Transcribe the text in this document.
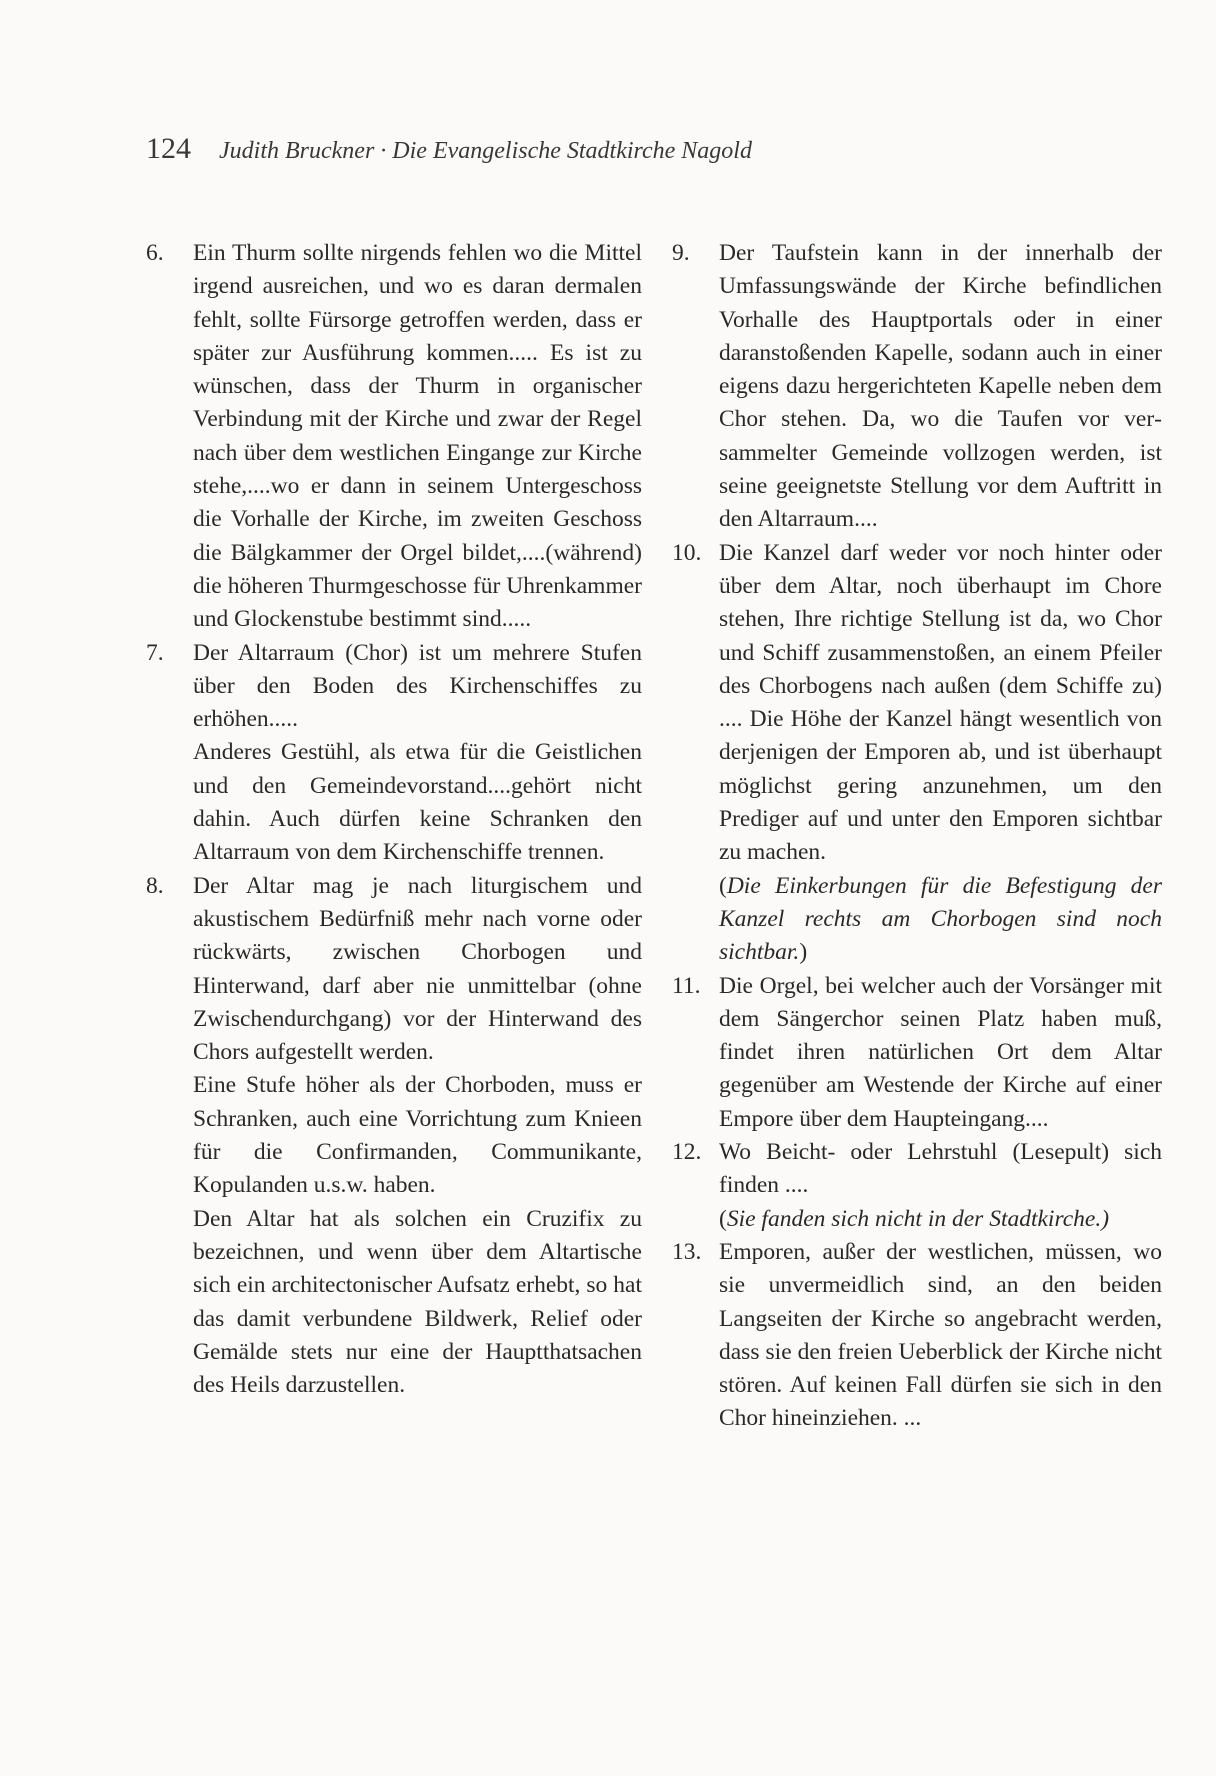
124 Judith Bruckner · Die Evangelische Stadtkirche Nagold
6. Ein Thurm sollte nirgends fehlen wo die Mittel irgend ausreichen, und wo es daran dermalen fehlt, sollte Fürsorge getroffen werden, dass er später zur Ausführung kommen..... Es ist zu wünschen, dass der Thurm in organischer Verbindung mit der Kirche und zwar der Regel nach über dem westlichen Eingange zur Kirche stehe,....wo er dann in seinem Untergeschoss die Vorhalle der Kirche, im zweiten Geschoss die Bälgkammer der Orgel bildet,....(während) die höheren Thurmgeschosse für Uhrenkammer und Glockenstube bestimmt sind.....

7. Der Altarraum (Chor) ist um mehrere Stufen über den Boden des Kirchenschiffes zu erhöhen.....

Anderes Gestühl, als etwa für die Geistlichen und den Gemeindevorstand....gehört nicht dahin. Auch dürfen keine Schranken den Altarraum von dem Kirchenschiffe trennen.

8. Der Altar mag je nach liturgischem und akustischem Bedürfniß mehr nach vorne oder rückwärts, zwischen Chorbogen und Hinterwand, darf aber nie unmittelbar (ohne Zwischendurchgang) vor der Hinterwand des Chors aufgestellt werden.

Eine Stufe höher als der Chorboden, muss er Schranken, auch eine Vorrichtung zum Knieen für die Confirmanden, Communikante, Kopulanden u.s.w. haben.

Den Altar hat als solchen ein Cruzifix zu bezeichnen, und wenn über dem Altartische sich ein architectonischer Aufsatz erhebt, so hat das damit verbundene Bildwerk, Relief oder Gemälde stets nur eine der Hauptthatsachen des Heils darzustellen.

9. Der Taufstein kann in der innerhalb der Umfassungswände der Kirche befindlichen Vorhalle des Hauptportals oder in einer daranstoßenden Kapelle, sodann auch in einer eigens dazu hergerichteten Kapelle neben dem Chor stehen. Da, wo die Taufen vor versammelter Gemeinde vollzogen werden, ist seine geeignetste Stellung vor dem Auftritt in den Altarraum....

10. Die Kanzel darf weder vor noch hinter oder über dem Altar, noch überhaupt im Chore stehen, Ihre richtige Stellung ist da, wo Chor und Schiff zusammenstoßen, an einem Pfeiler des Chorbogens nach außen (dem Schiffe zu) .... Die Höhe der Kanzel hängt wesentlich von derjenigen der Emporen ab, und ist überhaupt möglichst gering anzunehmen, um den Prediger auf und unter den Emporen sichtbar zu machen.

(Die Einkerbungen für die Befestigung der Kanzel rechts am Chorbogen sind noch sichtbar.)

11. Die Orgel, bei welcher auch der Vorsänger mit dem Sängerchor seinen Platz haben muß, findet ihren natürlichen Ort dem Altar gegenüber am Westende der Kirche auf einer Empore über dem Haupteingang....

12. Wo Beicht- oder Lehrstuhl (Lesepult) sich finden ....

(Sie fanden sich nicht in der Stadtkirche.)

13. Emporen, außer der westlichen, müssen, wo sie unvermeidlich sind, an den beiden Langseiten der Kirche so angebracht werden, dass sie den freien Ueberblick der Kirche nicht stören. Auf keinen Fall dürfen sie sich in den Chor hineinziehen. ...
